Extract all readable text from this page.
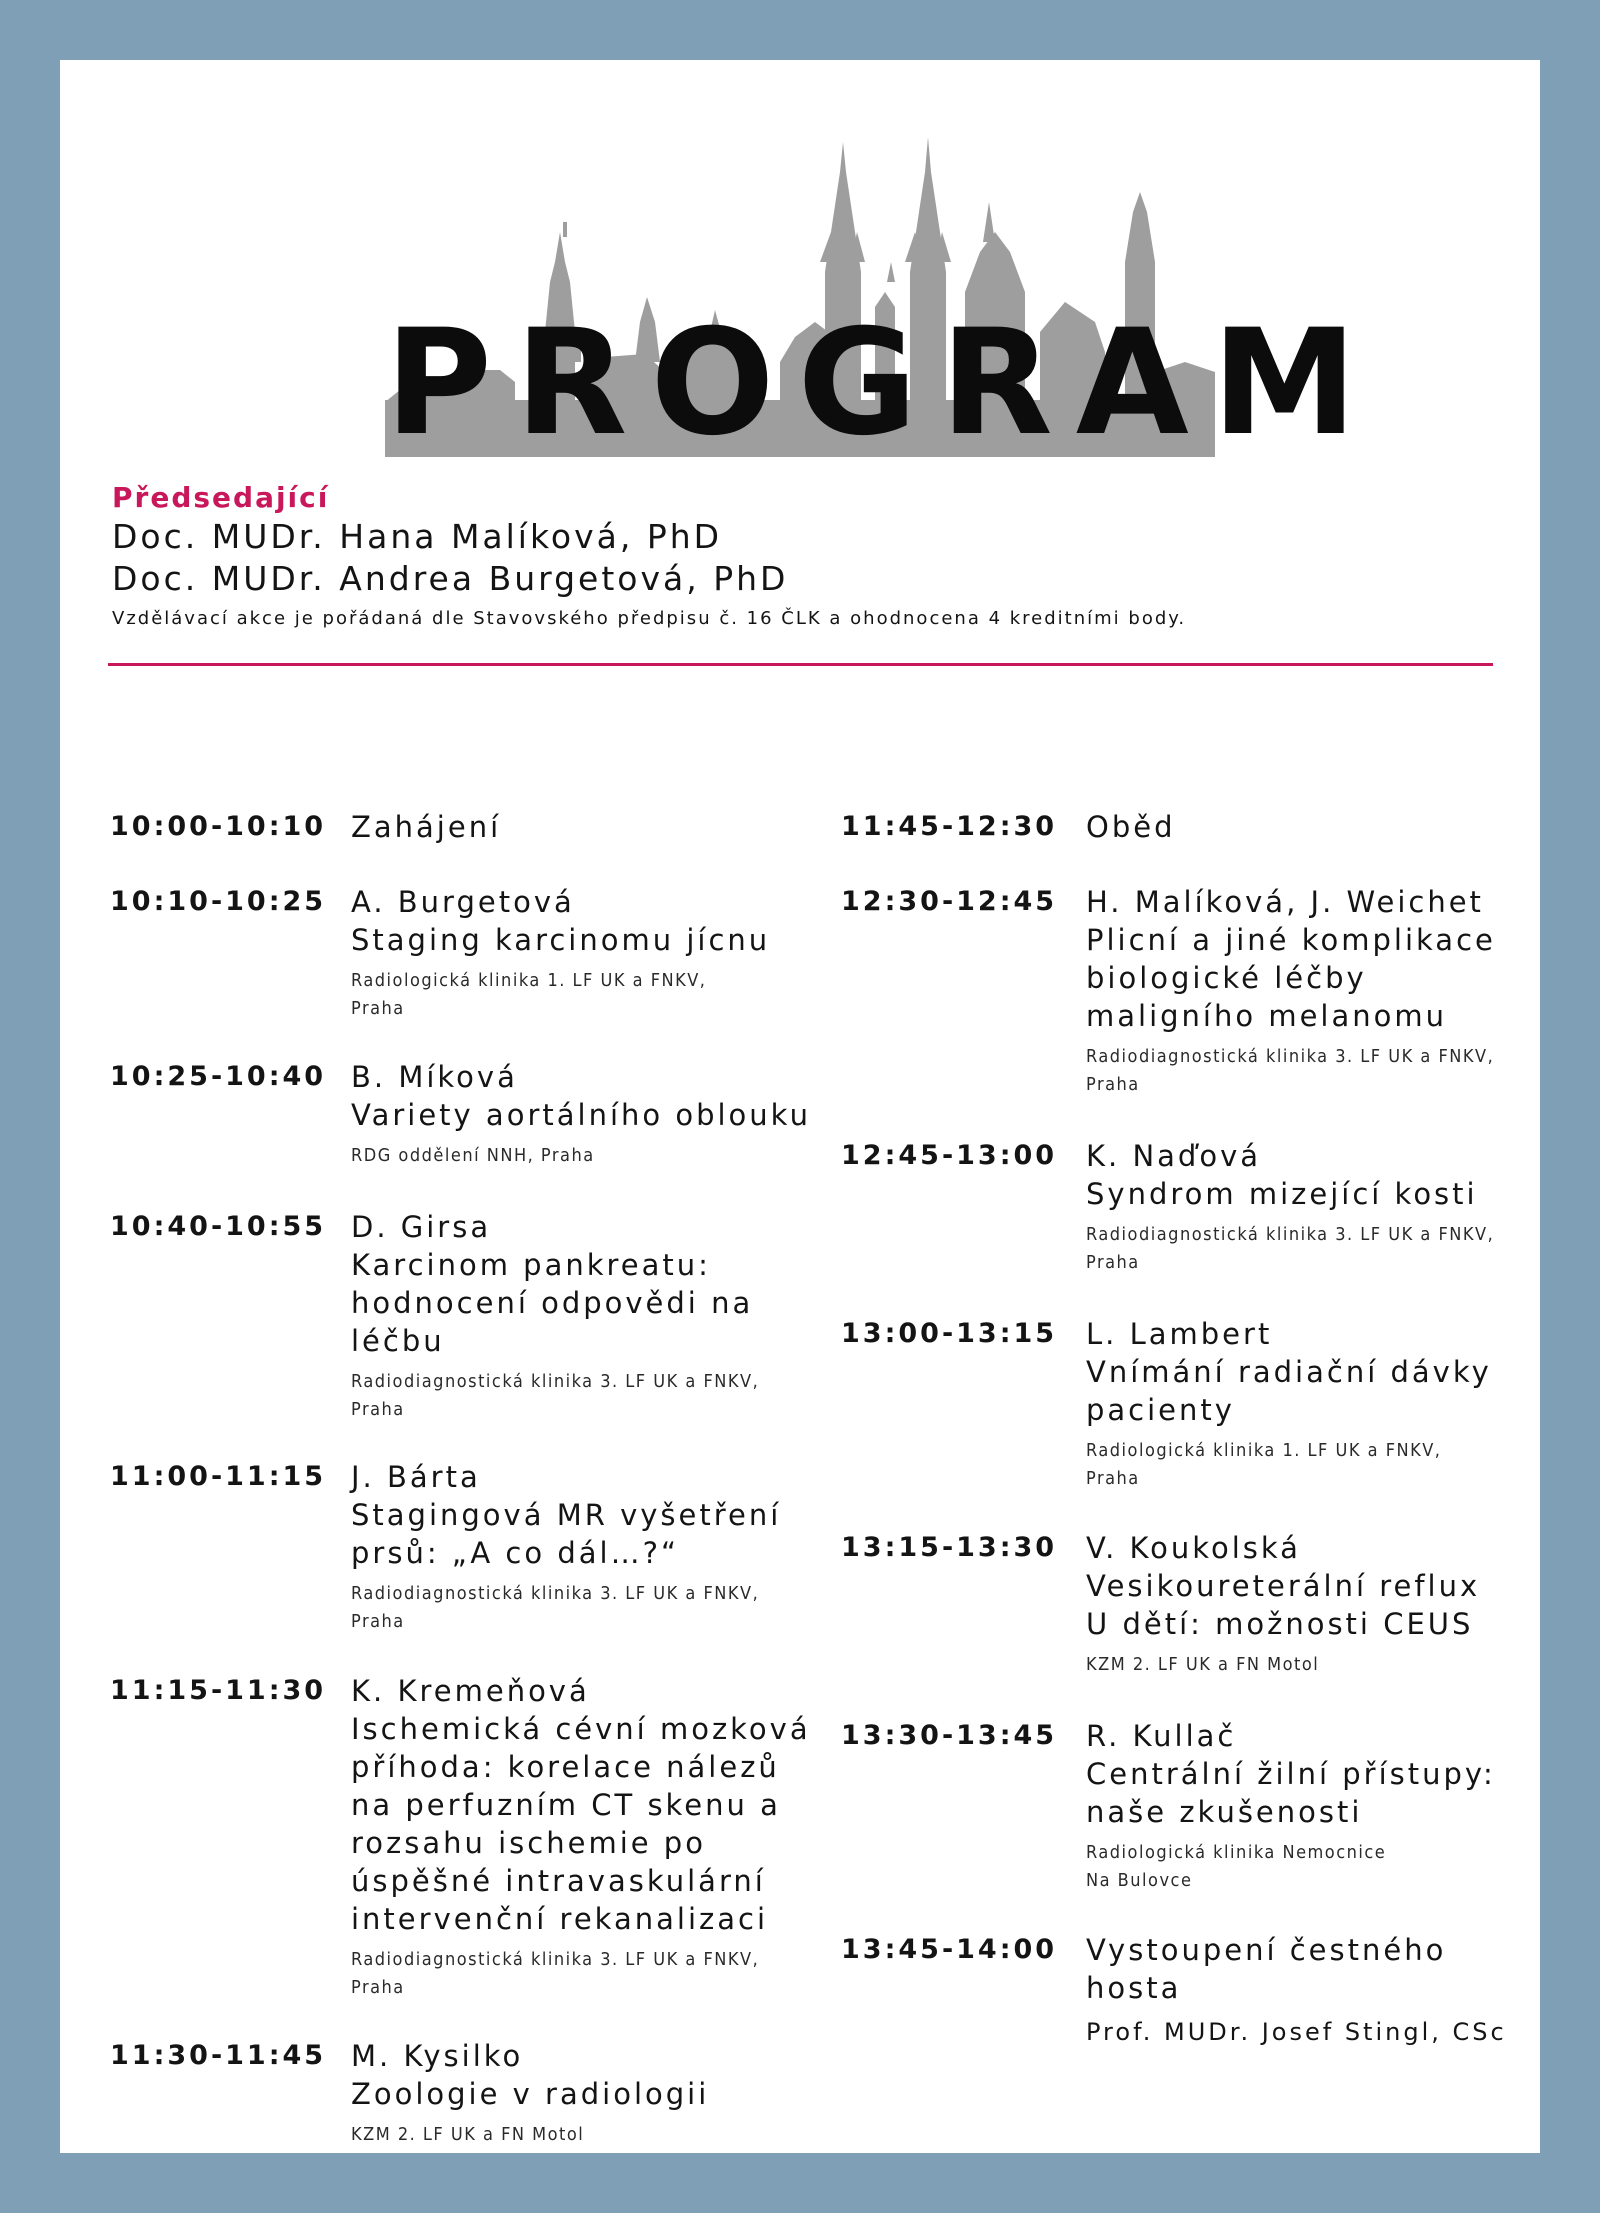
PROGRAM
Předsedající
Doc. MUDr. Hana Malíková, PhD
Doc. MUDr. Andrea Burgetová, PhD
Vzdělávací akce je pořádaná dle Stavovského předpisu č. 16 ČLK a ohodnocena 4 kreditními body.
10:00-10:10 Zahájení
10:10-10:25 A. Burgetová
Staging karcinomu jícnu
Radiologická klinika 1. LF UK a FNKV,
Praha
10:25-10:40 B. Míková
Variety aortálního oblouku
RDG oddělení NNH, Praha
10:40-10:55 D. Girsa
Karcinom pankreatu:
hodnocení odpovědi na
léčbu
Radiodiagnostická klinika 3. LF UK a FNKV,
Praha
11:00-11:15 J. Bárta
Stagingová MR vyšetření
prsů: „A co dál…?“
Radiodiagnostická klinika 3. LF UK a FNKV,
Praha
11:15-11:30 K. Kremeňová
Ischemická cévní mozková
příhoda: korelace nálezů
na perfuzním CT skenu a
rozsahu ischemie po
úspěšné intravaskulární
intervenční rekanalizaci
Radiodiagnostická klinika 3. LF UK a FNKV,
Praha
11:30-11:45 M. Kysilko
Zoologie v radiologii
KZM 2. LF UK a FN Motol
11:45-12:30 Oběd
12:30-12:45 H. Malíková, J. Weichet
Plicní a jiné komplikace
biologické léčby
maligního melanomu
Radiodiagnostická klinika 3. LF UK a FNKV,
Praha
12:45-13:00 K. Naďová
Syndrom mizející kosti
Radiodiagnostická klinika 3. LF UK a FNKV,
Praha
13:00-13:15 L. Lambert
Vnímání radiační dávky
pacienty
Radiologická klinika 1. LF UK a FNKV,
Praha
13:15-13:30 V. Koukolská
Vesikoureterální reflux
U dětí: možnosti CEUS
KZM 2. LF UK a FN Motol
13:30-13:45 R. Kullač
Centrální žilní přístupy:
naše zkušenosti
Radiologická klinika Nemocnice
Na Bulovce
13:45-14:00 Vystoupení čestného
hosta
Prof. MUDr. Josef Stingl, CSc
